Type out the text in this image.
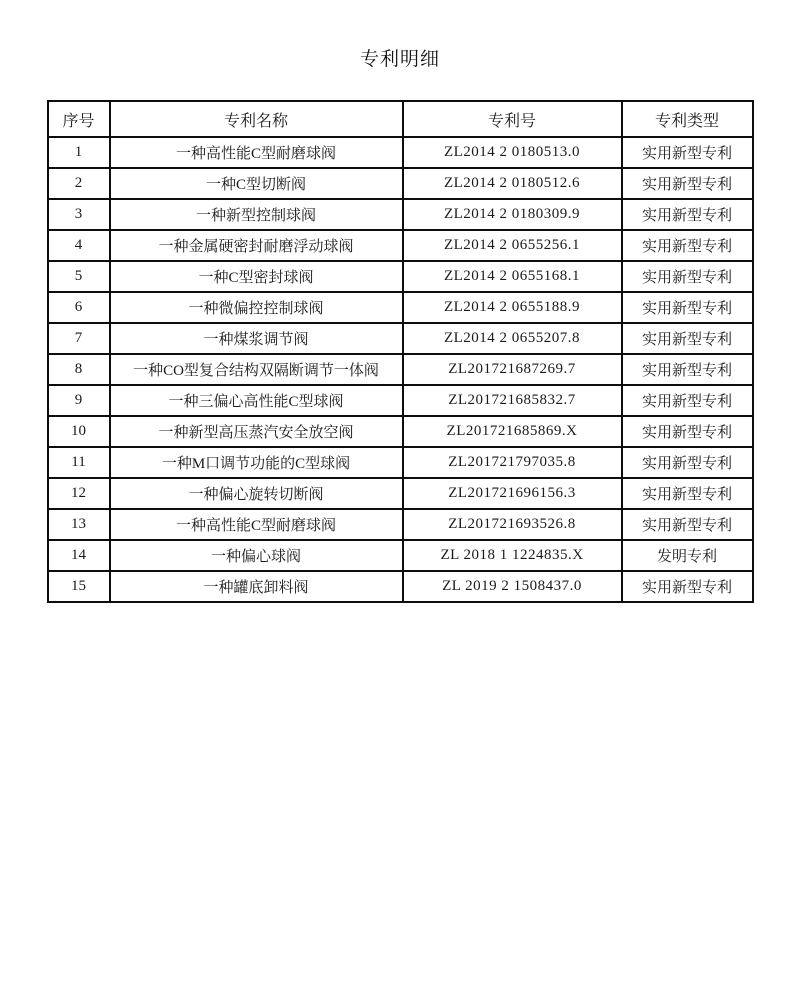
专利明细
序号	专利名称	专利号	专利类型
1	一种高性能C型耐磨球阀	ZL2014 2 0180513.0	实用新型专利
2	一种C型切断阀	ZL2014 2 0180512.6	实用新型专利
3	一种新型控制球阀	ZL2014 2 0180309.9	实用新型专利
4	一种金属硬密封耐磨浮动球阀	ZL2014 2 0655256.1	实用新型专利
5	一种C型密封球阀	ZL2014 2 0655168.1	实用新型专利
6	一种微偏控控制球阀	ZL2014 2 0655188.9	实用新型专利
7	一种煤浆调节阀	ZL2014 2 0655207.8	实用新型专利
8	一种CO型复合结构双隔断调节一体阀	ZL201721687269.7	实用新型专利
9	一种三偏心高性能C型球阀	ZL201721685832.7	实用新型专利
10	一种新型高压蒸汽安全放空阀	ZL201721685869.X	实用新型专利
11	一种M口调节功能的C型球阀	ZL201721797035.8	实用新型专利
12	一种偏心旋转切断阀	ZL201721696156.3	实用新型专利
13	一种高性能C型耐磨球阀	ZL201721693526.8	实用新型专利
14	一种偏心球阀	ZL 2018 1 1224835.X	发明专利
15	一种罐底卸料阀	ZL 2019 2 1508437.0	实用新型专利
